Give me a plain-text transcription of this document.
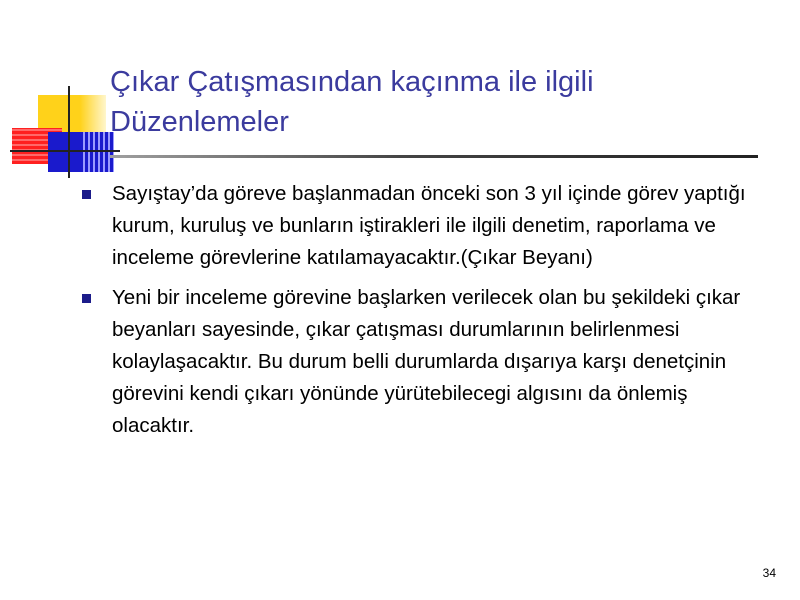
Çıkar Çatışmasından kaçınma ile ilgili Düzenlemeler
Sayıştay’da göreve başlanmadan önceki son 3 yıl içinde görev yaptığı kurum, kuruluş ve bunların iştirakleri ile ilgili denetim, raporlama ve inceleme görevlerine katılamayacaktır.(Çıkar Beyanı)
Yeni bir inceleme görevine başlarken verilecek olan bu şekildeki çıkar beyanları sayesinde, çıkar çatışması durumlarının belirlenmesi kolaylaşacaktır. Bu durum belli durumlarda dışarıya karşı denetçinin görevini kendi çıkarı yönünde yürütebilecegi algısını da önlemiş olacaktır.
34
